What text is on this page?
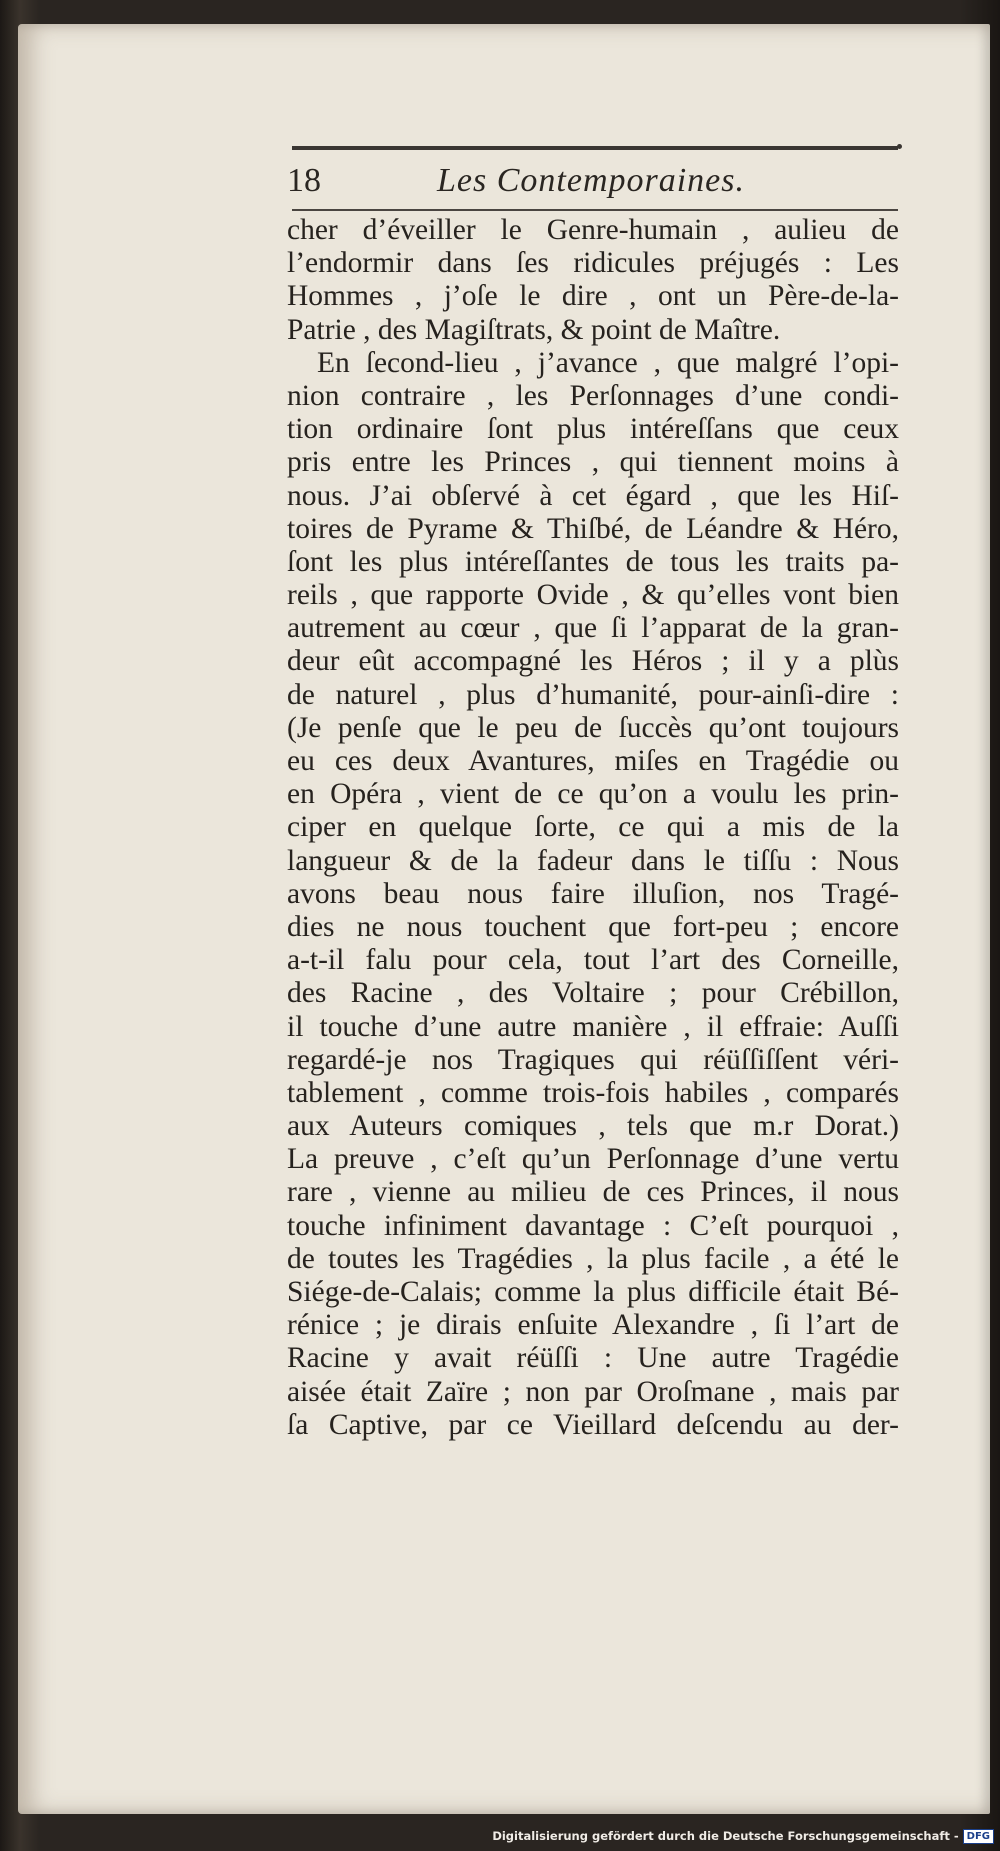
18	Les Contemporaines.
cher d’éveiller le Genre-humain , aulieu de
l’endormir dans ſes ridicules préjugés : Les
Hommes , j’oſe le dire , ont un Père-de-la-
Patrie , des Magiſtrats, & point de Maître.
En ſecond-lieu , j’avance , que malgré l’opi-
nion contraire , les Perſonnages d’une condi-
tion ordinaire ſont plus intéreſſans que ceux
pris entre les Princes , qui tiennent moins à
nous. J’ai obſervé à cet égard , que les Hiſ-
toires de Pyrame & Thiſbé, de Léandre & Héro,
ſont les plus intéreſſantes de tous les traits pa-
reils , que rapporte Ovide , & qu’elles vont bien
autrement au cœur , que ſi l’apparat de la gran-
deur eût accompagné les Héros ; il y a plùs
de naturel , plus d’humanité, pour-ainſi-dire :
(Je penſe que le peu de ſuccès qu’ont toujours
eu ces deux Avantures, miſes en Tragédie ou
en Opéra , vient de ce qu’on a voulu les prin-
ciper en quelque ſorte, ce qui a mis de la
langueur & de la fadeur dans le tiſſu : Nous
avons beau nous faire illuſion, nos Tragé-
dies ne nous touchent que fort-peu ; encore
a-t-il falu pour cela, tout l’art des Corneille,
des Racine , des Voltaire ; pour Crébillon,
il touche d’une autre manière , il effraie: Auſſi
regardé-je nos Tragiques qui réüſſiſſent véri-
tablement , comme trois-fois habiles , comparés
aux Auteurs comiques , tels que m.r Dorat.)
La preuve , c’eſt qu’un Perſonnage d’une vertu
rare , vienne au milieu de ces Princes, il nous
touche infiniment davantage : C’eſt pourquoi ,
de toutes les Tragédies , la plus facile , a été le
Siége-de-Calais; comme la plus difficile était Bé-
rénice ; je dirais enſuite Alexandre , ſi l’art de
Racine y avait réüſſi : Une autre Tragédie
aisée était Zaïre ; non par Oroſmane , mais par
ſa Captive, par ce Vieillard deſcendu au der-
Digitalisierung gefördert durch die Deutsche Forschungsgemeinschaft - DFG
